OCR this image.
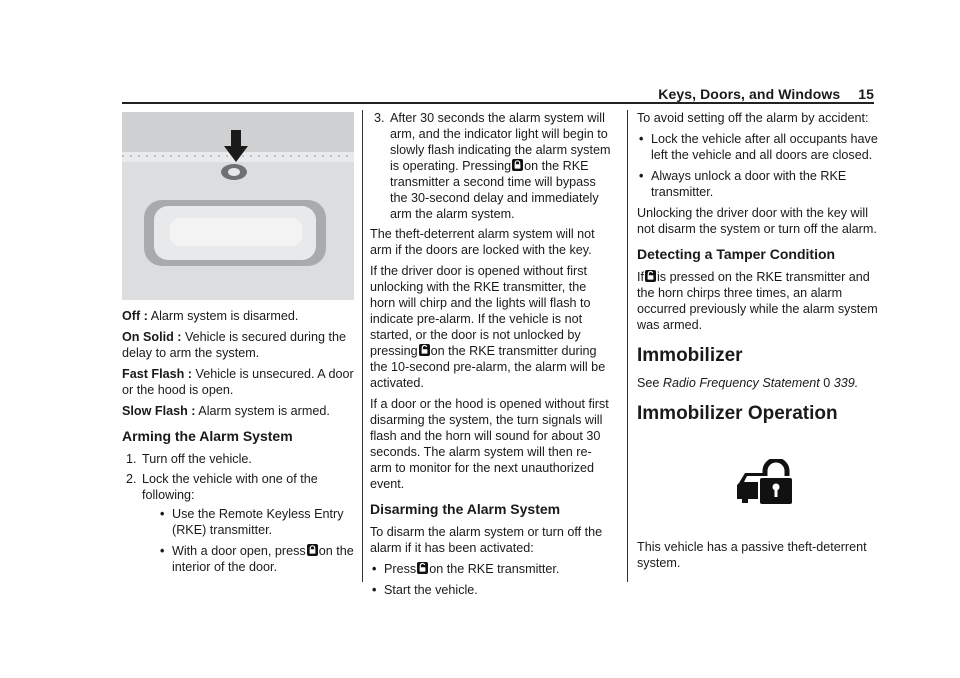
Keys, Doors, and Windows 15

Off : Alarm system is disarmed.

On Solid : Vehicle is secured during the delay to arm the system.

Fast Flash : Vehicle is unsecured. A door or the hood is open.

Slow Flash : Alarm system is armed.

Arming the Alarm System
1. Turn off the vehicle.
2. Lock the vehicle with one of the following:
• Use the Remote Keyless Entry (RKE) transmitter.
• With a door open, press on the interior of the door.
3. After 30 seconds the alarm system will arm, and the indicator light will begin to slowly flash indicating the alarm system is operating. Pressing on the RKE transmitter a second time will bypass the 30-second delay and immediately arm the alarm system.

The theft-deterrent alarm system will not arm if the doors are locked with the key.

If the driver door is opened without first unlocking with the RKE transmitter, the horn will chirp and the lights will flash to indicate pre-alarm. If the vehicle is not started, or the door is not unlocked by pressing on the RKE transmitter during the 10-second pre-alarm, the alarm will be activated.

If a door or the hood is opened without first disarming the system, the turn signals will flash and the horn will sound for about 30 seconds. The alarm system will then re-arm to monitor for the next unauthorized event.

Disarming the Alarm System

To disarm the alarm system or turn off the alarm if it has been activated:

• Press on the RKE transmitter.
• Start the vehicle.

To avoid setting off the alarm by accident:

• Lock the vehicle after all occupants have left the vehicle and all doors are closed.
• Always unlock a door with the RKE transmitter.

Unlocking the driver door with the key will not disarm the system or turn off the alarm.

Detecting a Tamper Condition

If is pressed on the RKE transmitter and the horn chirps three times, an alarm occurred previously while the alarm system was armed.

Immobilizer

See Radio Frequency Statement 0 339.

Immobilizer Operation

This vehicle has a passive theft-deterrent system.
